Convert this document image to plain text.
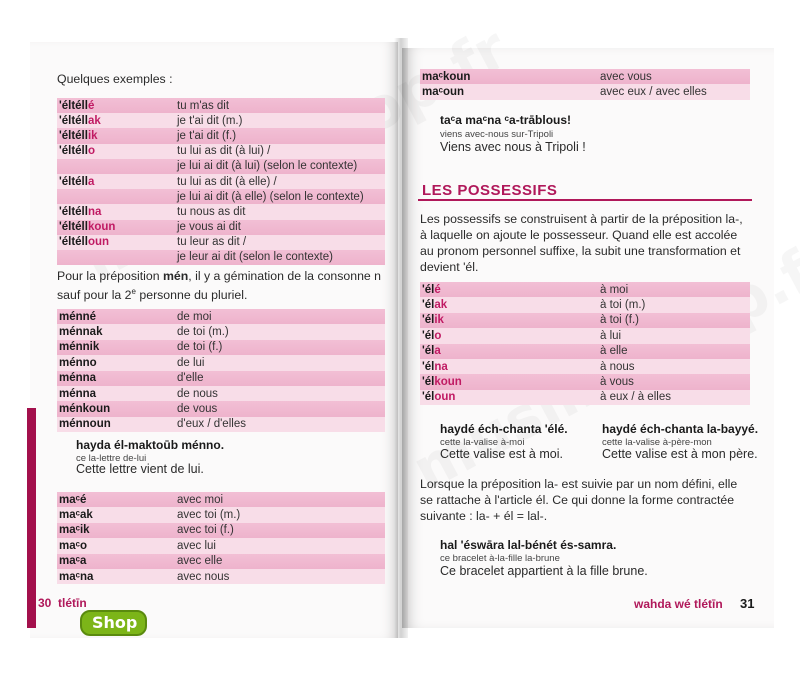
Quelques exemples :
'éltéllé	tu m'as dit
'éltéllak	je t'ai dit (m.)
'éltéllik	je t'ai dit (f.)
'éltéllo	tu lui as dit (à lui) /
je lui ai dit (à lui) (selon le contexte)
'éltélla	tu lui as dit (à elle) /
je lui ai dit (à elle) (selon le contexte)
'éltéllna	tu nous as dit
'éltéllkoun	je vous ai dit
'éltélloun	tu leur as dit /
je leur ai dit (selon le contexte)
Pour la préposition mén, il y a gémination de la consonne n
sauf pour la 2e personne du pluriel.
ménné	de moi
ménnak	de toi (m.)
ménnik	de toi (f.)
ménno	de lui
ménna	d'elle
ménna	de nous
ménkoun	de vous
ménnoun	d'eux / d'elles
hayda él-maktoūb ménno.
ce la-lettre de-lui
Cette lettre vient de lui.
maᶜé	avec moi
maᶜak	avec toi (m.)
maᶜik	avec toi (f.)
maᶜo	avec lui
maᶜa	avec elle
maᶜna	avec nous
30 tlétīn
Shop
maᶜkoun	avec vous
maᶜoun	avec eux / avec elles
taᶜa maᶜna ᶜa-trāblous!
viens avec-nous sur-Tripoli
Viens avec nous à Tripoli !
LES POSSESSIFS
Les possessifs se construisent à partir de la préposition la-,
à laquelle on ajoute le possesseur. Quand elle est accolée
au pronom personnel suffixe, la subit une transformation et
devient 'él.
'élé	à moi
'élak	à toi (m.)
'élik	à toi (f.)
'élo	à lui
'éla	à elle
'élna	à nous
'élkoun	à vous
'éloun	à eux / à elles
haydé éch-chanta 'élé.
cette la-valise à-moi
Cette valise est à moi.
haydé éch-chanta la-bayyé.
cette la-valise à-père-mon
Cette valise est à mon père.
Lorsque la préposition la- est suivie par un nom défini, elle
se rattache à l'article él. Ce qui donne la forme contractée
suivante : la- + él = lal-.
hal 'éswāra lal-bénét és-samra.
ce bracelet à-la-fille la-brune
Ce bracelet appartient à la fille brune.
wahda wé tlétīn 31
